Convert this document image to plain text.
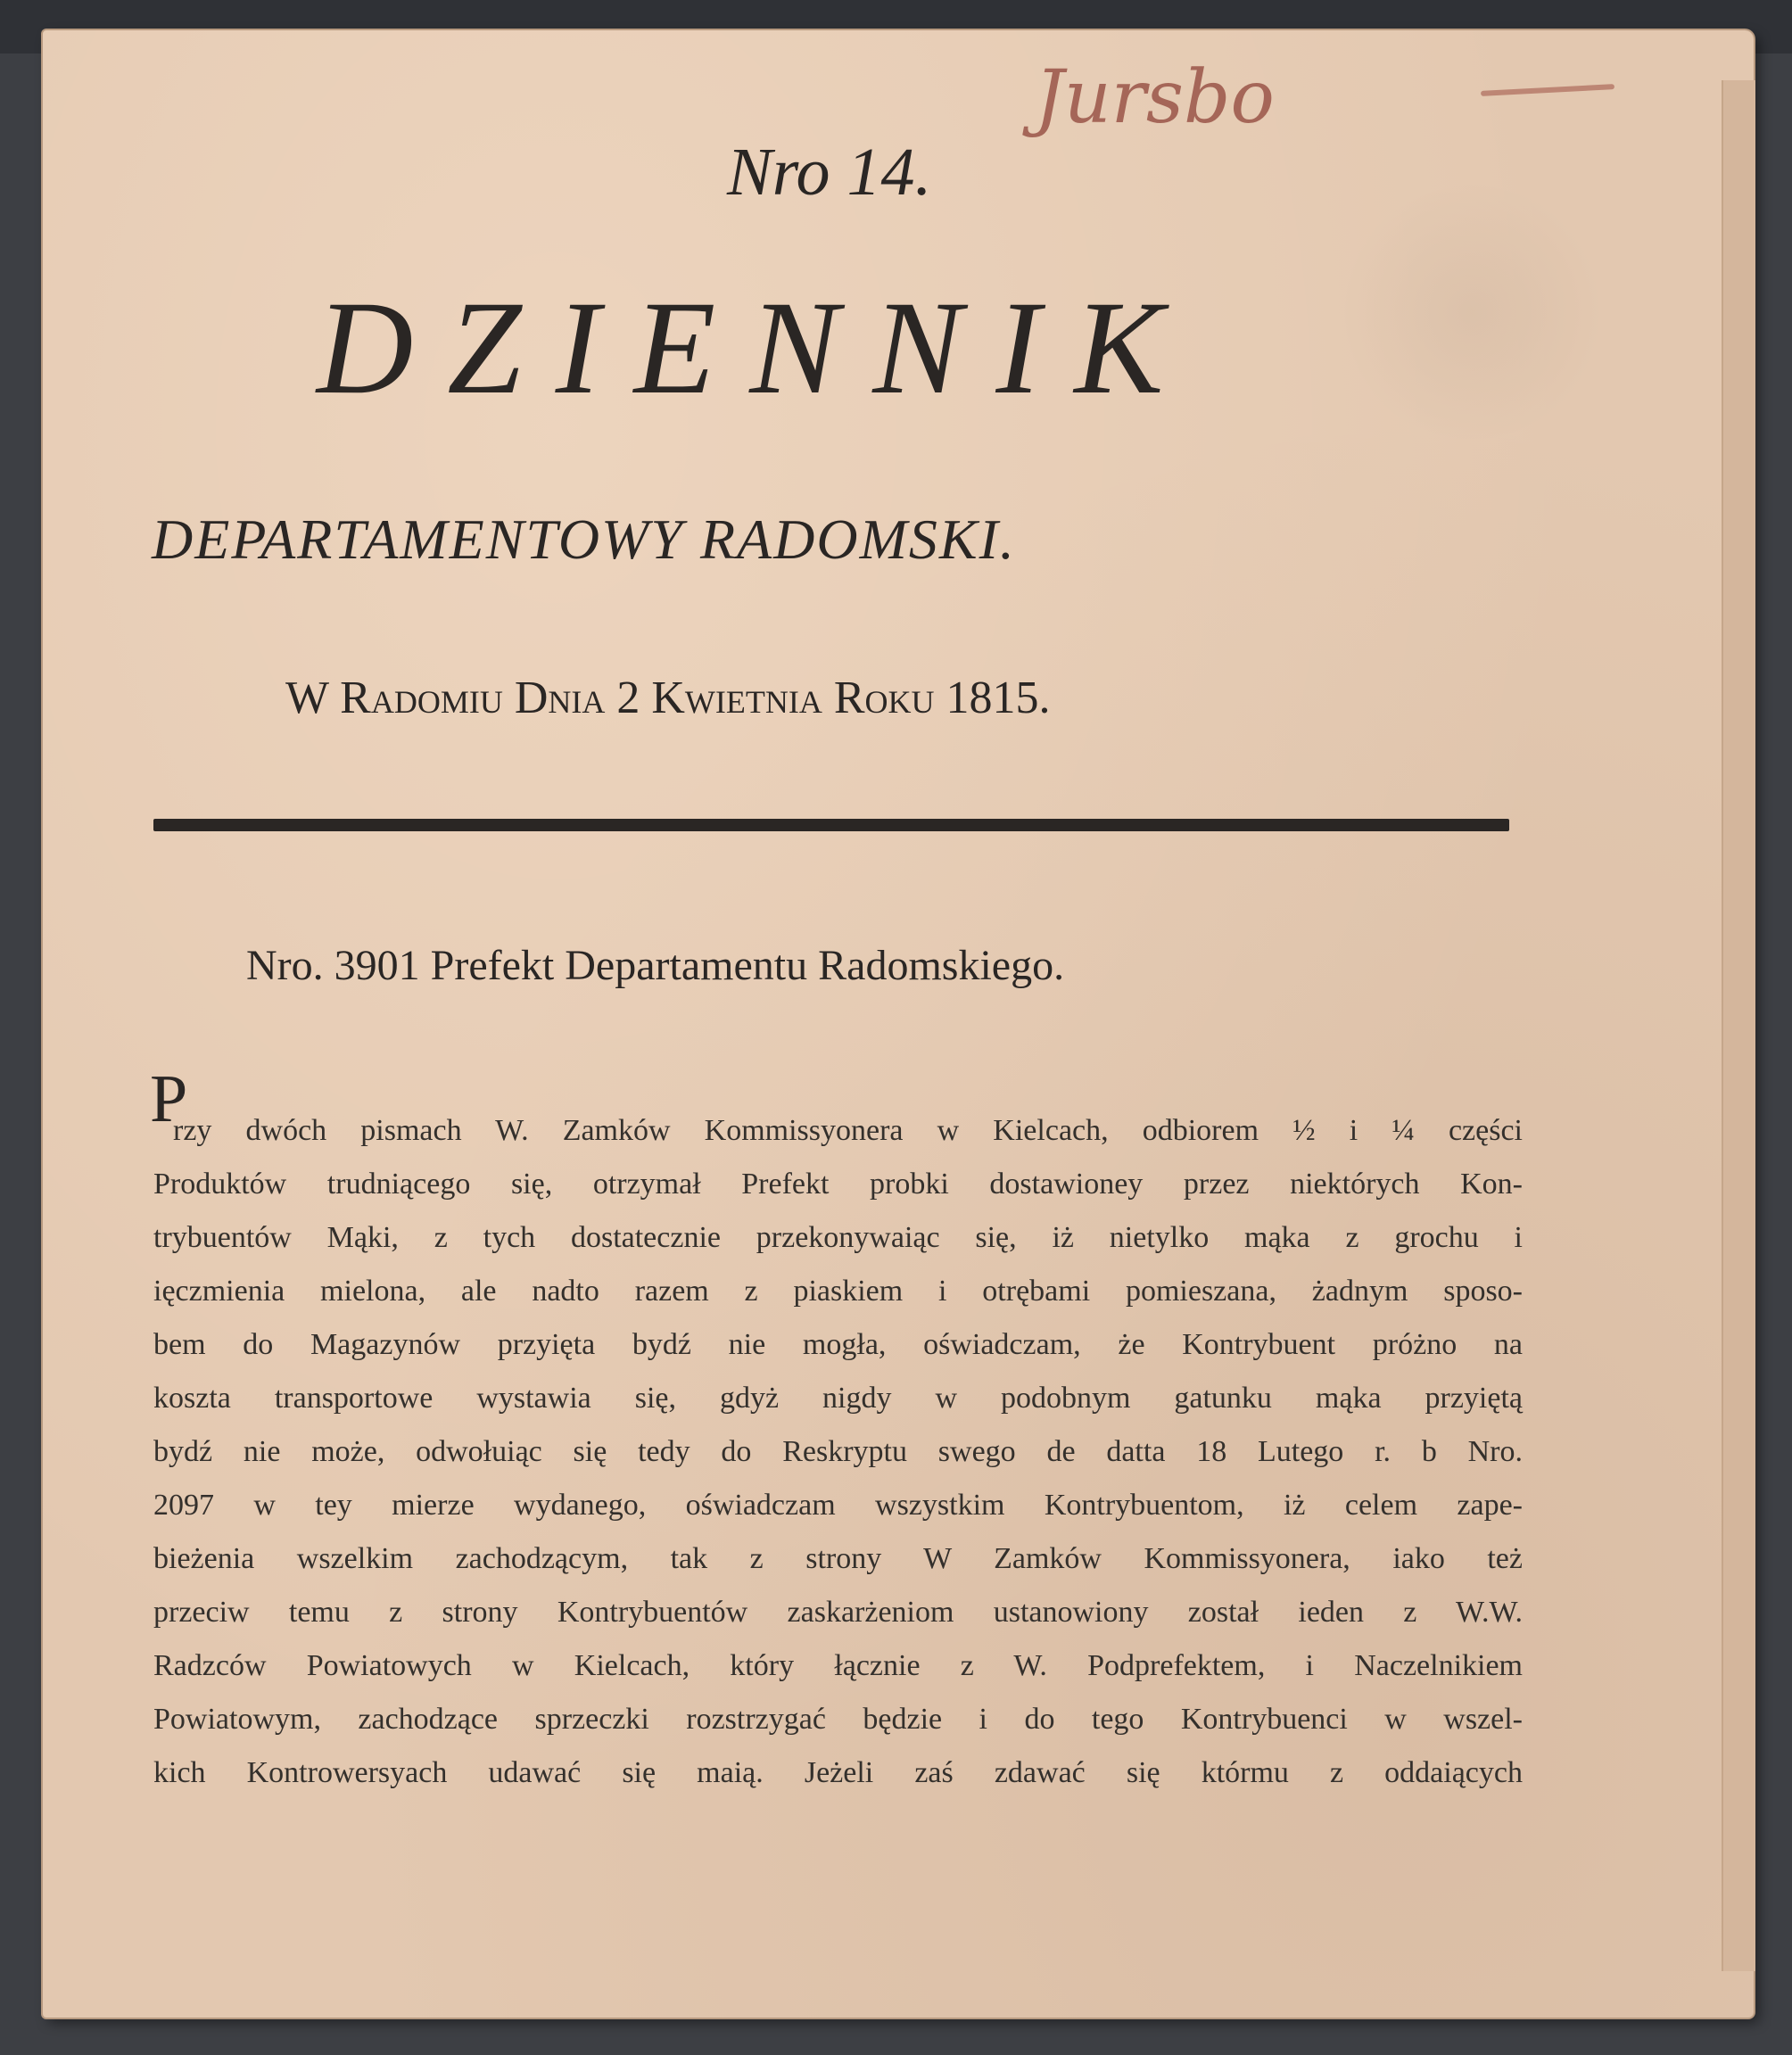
Jursbo
Nro 14.
DZIENNIK
DEPARTAMENTOWY RADOMSKI.
W Radomiu Dnia 2 Kwietnia Roku 1815.
Nro. 3901 Prefekt Departamentu Radomskiego.
P
rzy dwóch pismach W. Zamków Kommissyonera w Kielcach, odbiorem ½ i ¼ części
Produktów trudniącego się, otrzymał Prefekt probki dostawioney przez niektórych Kon-
trybuentów Mąki, z tych dostatecznie przekonywaiąc się, iż nietylko mąka z grochu i
ięczmienia mielona, ale nadto razem z piaskiem i otrębami pomieszana, żadnym sposo-
bem do Magazynów przyięta bydź nie mogła, oświadczam, że Kontrybuent próżno na
koszta transportowe wystawia się, gdyż nigdy w podobnym gatunku mąka przyiętą
bydź nie może, odwołuiąc się tedy do Reskryptu swego de datta 18 Lutego r. b Nro.
2097 w tey mierze wydanego, oświadczam wszystkim Kontrybuentom, iż celem zape-
bieżenia wszelkim zachodzącym, tak z strony W Zamków Kommissyonera, iako też
przeciw temu z strony Kontrybuentów zaskarżeniom ustanowiony został ieden z W.W.
Radzców Powiatowych w Kielcach, który łącznie z W. Podprefektem, i Naczelnikiem
Powiatowym, zachodzące sprzeczki rozstrzygać będzie i do tego Kontrybuenci w wszel-
kich Kontrowersyach udawać się maią. Jeżeli zaś zdawać się którmu z oddaiących
